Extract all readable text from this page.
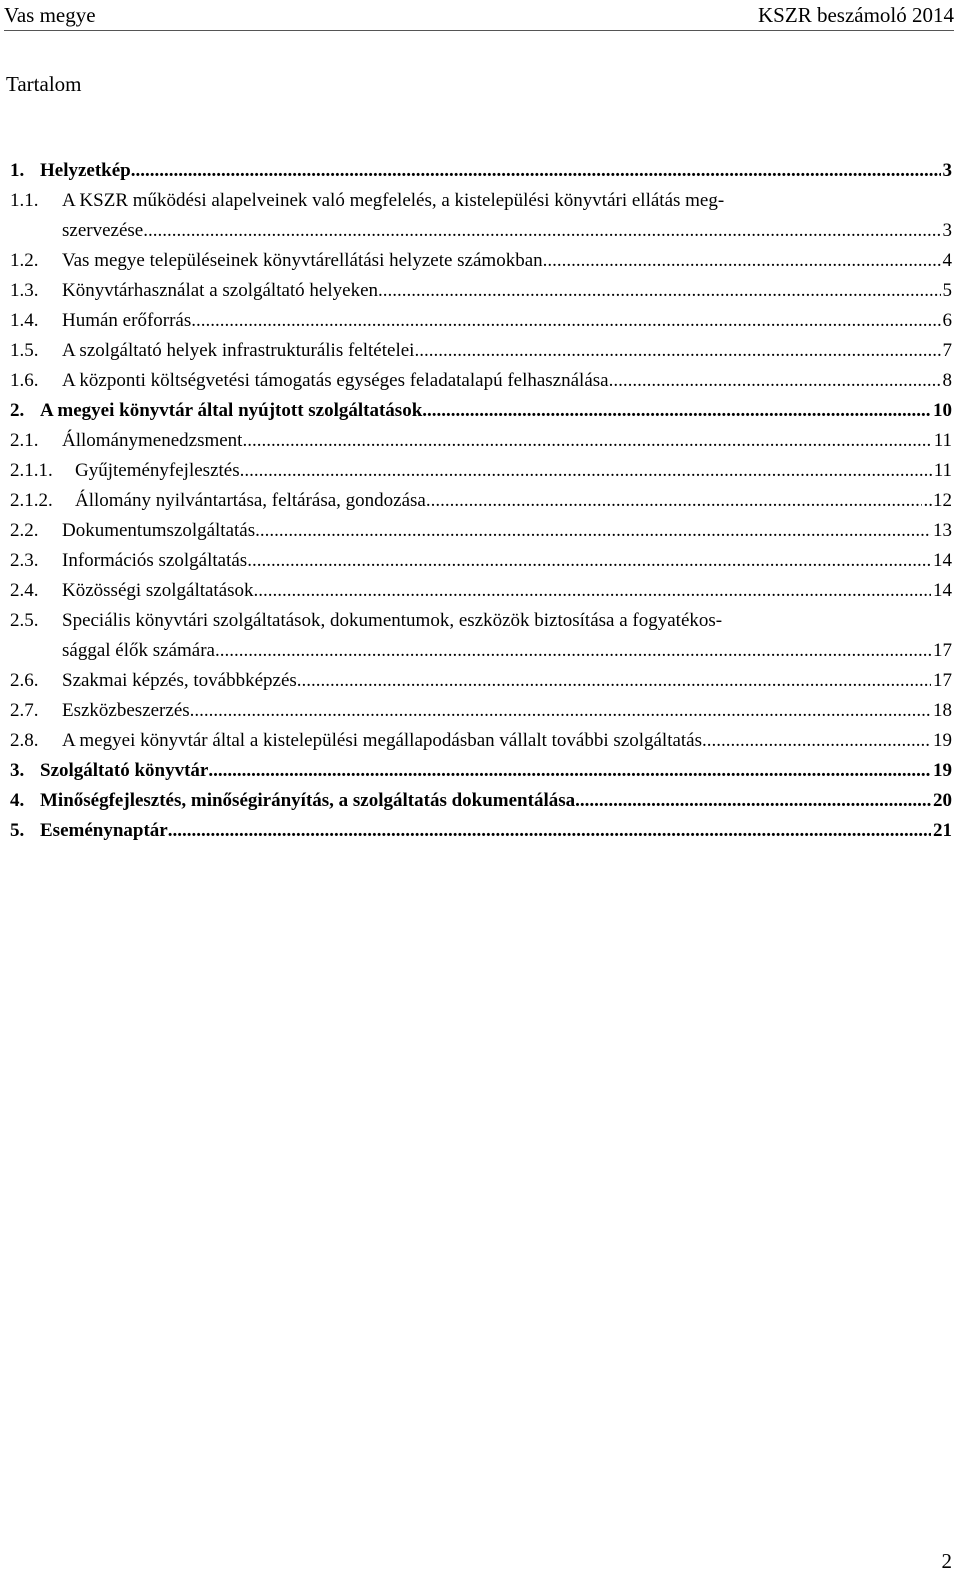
Vas megye	KSZR beszámoló 2014
Tartalom
1. Helyzetkép .....	3
1.1.	A KSZR működési alapelveinek való megfelelés, a kistelepülési könyvtári ellátás meg-
szervezése .....	3
1.2.	Vas megye településeinek könyvtárellátási helyzete számokban .....	4
1.3.	Könyvtárhasználat a szolgáltató helyeken .....	5
1.4.	Humán erőforrás .....	6
1.5.	A szolgáltató helyek infrastrukturális feltételei .....	7
1.6.	A központi költségvetési támogatás egységes feladatalapú felhasználása .....	8
2. A megyei könyvtár által nyújtott szolgáltatások .....	10
2.1.	Állománymenedzsment .....	11
2.1.1.	Gyűjteményfejlesztés .....	11
2.1.2.	Állomány nyilvántartása, feltárása, gondozása .....	..12
2.2.	Dokumentumszolgáltatás .....	13
2.3.	Információs szolgáltatás .....	14
2.4.	Közösségi szolgáltatások .....	14
2.5.	Speciális könyvtári szolgáltatások, dokumentumok, eszközök biztosítása a fogyatékos-
sággal élők számára .....	17
2.6.	Szakmai képzés, továbbképzés .....	17
2.7.	Eszközbeszerzés .....	18
2.8.	A megyei könyvtár által a kistelepülési megállapodásban vállalt további szolgáltatás .....	19
3. Szolgáltató könyvtár .....	19
4. Minőségfejlesztés, minőségirányítás, a szolgáltatás dokumentálása .....	20
5. Eseménynaptár .....	21
2
